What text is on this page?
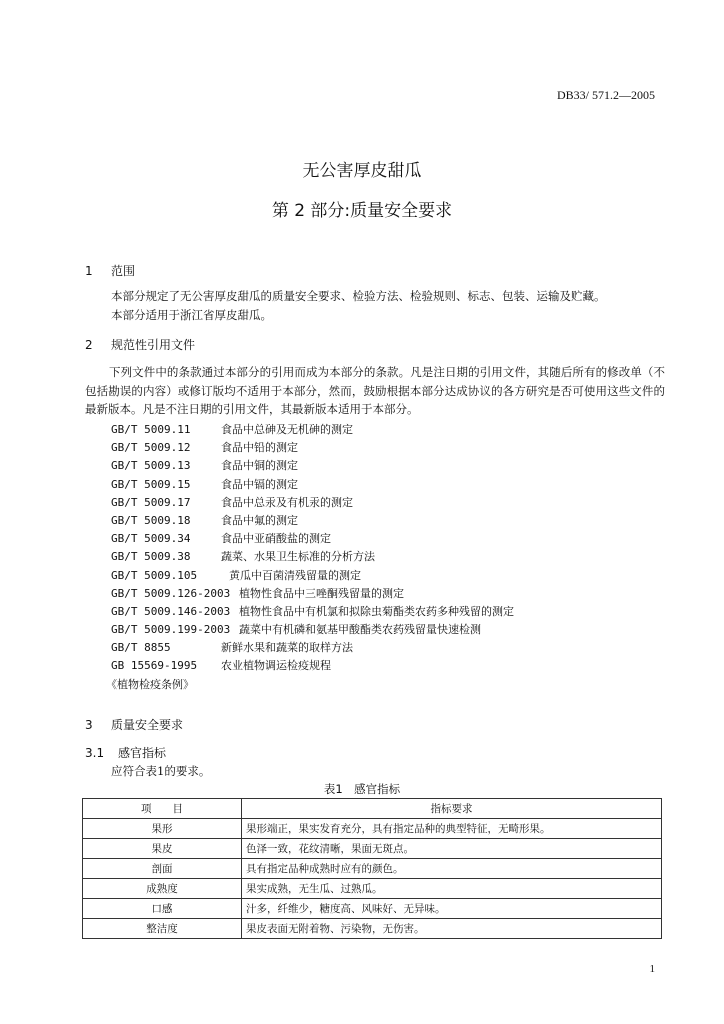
DB33/ 571.2—2005
无公害厚皮甜瓜
第 2 部分:质量安全要求
1 范围
本部分规定了无公害厚皮甜瓜的质量安全要求、检验方法、检验规则、标志、包装、运输及贮藏。
本部分适用于浙江省厚皮甜瓜。
2 规范性引用文件
下列文件中的条款通过本部分的引用而成为本部分的条款。凡是注日期的引用文件，其随后所有的修改单（不包括勘误的内容）或修订版均不适用于本部分，然而，鼓励根据本部分达成协议的各方研究是否可使用这些文件的最新版本。凡是不注日期的引用文件，其最新版本适用于本部分。
GB/T 5009.11	食品中总砷及无机砷的测定
GB/T 5009.12	食品中铅的测定
GB/T 5009.13	食品中铜的测定
GB/T 5009.15	食品中镉的测定
GB/T 5009.17	食品中总汞及有机汞的测定
GB/T 5009.18	食品中氟的测定
GB/T 5009.34	食品中亚硝酸盐的测定
GB/T 5009.38	蔬菜、水果卫生标准的分析方法
GB/T 5009.105	黄瓜中百菌清残留量的测定
GB/T 5009.126-2003 植物性食品中三唑酮残留量的测定
GB/T 5009.146-2003 植物性食品中有机氯和拟除虫菊酯类农药多种残留的测定
GB/T 5009.199-2003 蔬菜中有机磷和氨基甲酸酯类农药残留量快速检测
GB/T 8855	新鲜水果和蔬菜的取样方法
GB 15569-1995	农业植物调运检疫规程
《植物检疫条例》
3 质量安全要求
3.1 感官指标
应符合表1的要求。
表1　感官指标
项　　目	指标要求
果形	果形端正，果实发育充分，具有指定品种的典型特征，无畸形果。
果皮	色泽一致，花纹清晰，果面无斑点。
剖面	具有指定品种成熟时应有的颜色。
成熟度	果实成熟，无生瓜、过熟瓜。
口感	汁多，纤维少，糖度高、风味好、无异味。
整洁度	果皮表面无附着物、污染物，无伤害。
1
